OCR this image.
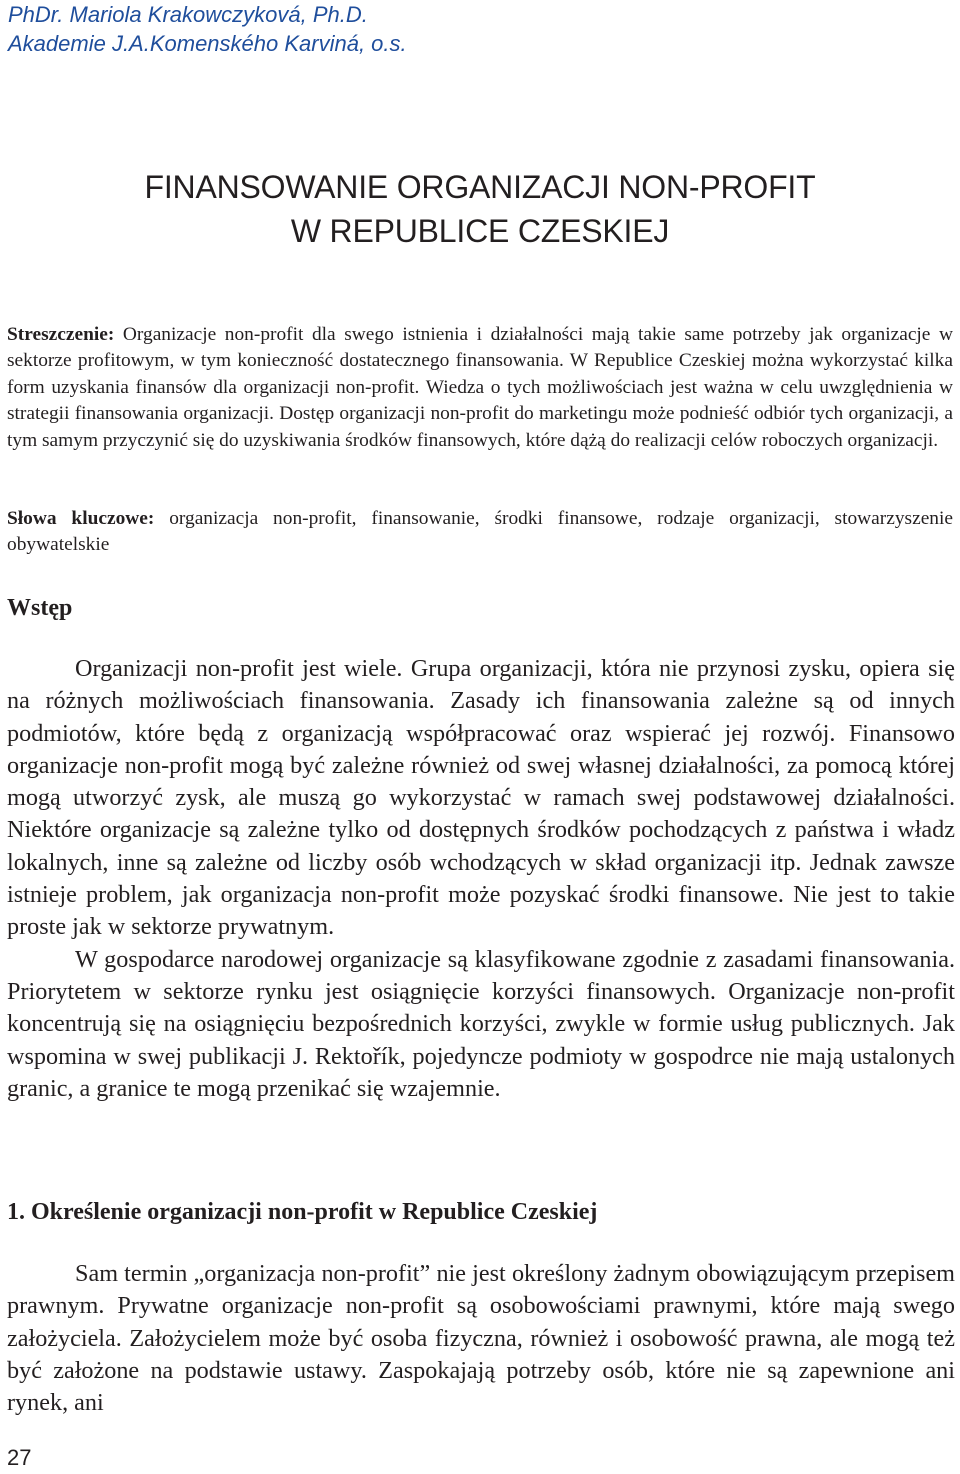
PhDr. Mariola Krakowczyková, Ph.D.
Akademie J.A.Komenského Karviná, o.s.
FINANSOWANIE ORGANIZACJI NON-PROFIT
W REPUBLICE CZESKIEJ

Streszczenie: Organizacje non-profit dla swego istnienia i działalności mają takie same potrzeby jak organizacje w sektorze profitowym, w tym konieczność dostatecznego finansowania. W Republice Czeskiej można wykorzystać kilka form uzyskania finansów dla organizacji non-profit. Wiedza o tych możliwościach jest ważna w celu uwzględnienia w strategii finansowania organizacji. Dostęp organizacji non-profit do marketingu może podnieść odbiór tych organizacji, a tym samym przyczynić się do uzyskiwania środków finansowych, które dążą do realizacji celów roboczych organizacji.

Słowa kluczowe: organizacja non-profit, finansowanie, środki finansowe, rodzaje organizacji, stowarzyszenie obywatelskie

Wstęp

Organizacji non-profit jest wiele. Grupa organizacji, która nie przynosi zysku, opiera się na różnych możliwościach finansowania. Zasady ich finansowania zależne są od innych podmiotów, które będą z organizacją współpracować oraz wspierać jej rozwój. Finansowo organizacje non-profit mogą być zależne również od swej własnej działalności, za pomocą której mogą utworzyć zysk, ale muszą go wykorzystać w ramach swej podstawowej działalności. Niektóre organizacje są zależne tylko od dostępnych środków pochodzących z państwa i władz lokalnych, inne są zależne od liczby osób wchodzących w skład organizacji itp. Jednak zawsze istnieje problem, jak organizacja non-profit może pozyskać środki finansowe. Nie jest to takie proste jak w sektorze prywatnym.

W gospodarce narodowej organizacje są klasyfikowane zgodnie z zasadami finansowania. Priorytetem w sektorze rynku jest osiągnięcie korzyści finansowych. Organizacje non-profit koncentrują się na osiągnięciu bezpośrednich korzyści, zwykle w formie usług publicznych. Jak wspomina w swej publikacji J. Rektořík, pojedyncze podmioty w gospodrce nie mają ustalonych granic, a granice te mogą przenikać się wzajemnie.

1. Określenie organizacji non-profit w Republice Czeskiej

Sam termin „organizacja non-profit” nie jest określony żadnym obowiązującym przepisem prawnym. Prywatne organizacje non-profit są osobowościami prawnymi, które mają swego założyciela. Założycielem może być osoba fizyczna, również i osobowość prawna, ale mogą też być założone na podstawie ustawy. Zaspokajają potrzeby osób, które nie są zapewnione ani rynek, ani

27
